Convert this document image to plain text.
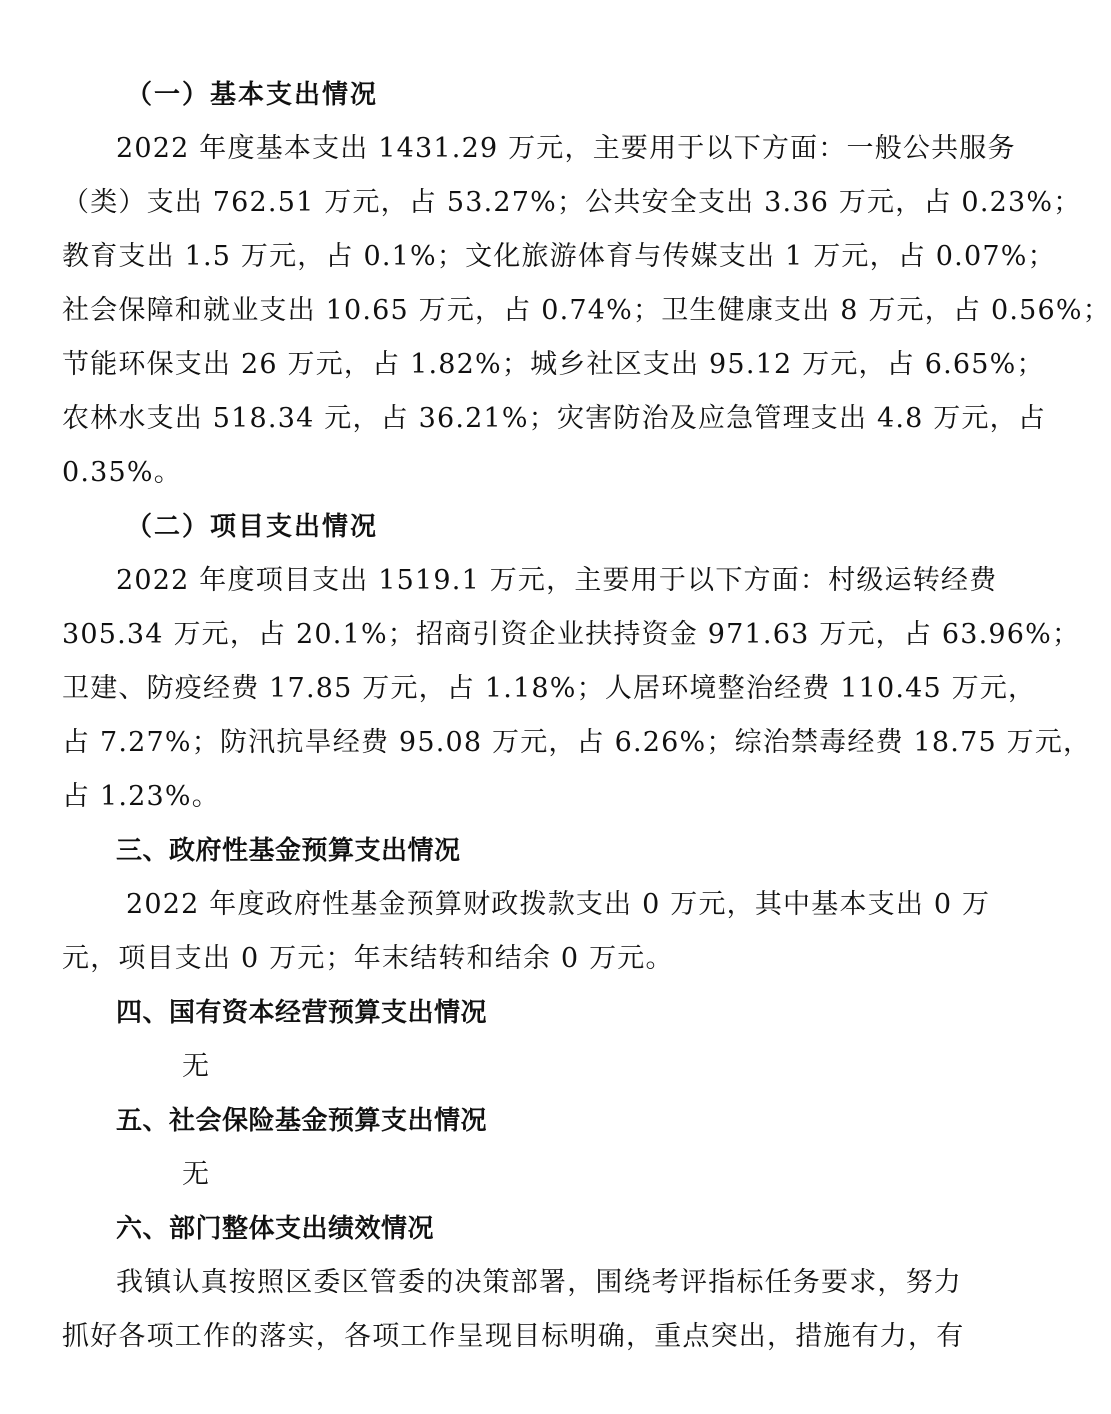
（一）基本支出情况
2022 年度基本支出 1431.29 万元，主要用于以下方面：一般公共服务
（类）支出 762.51 万元，占 53.27%；公共安全支出 3.36 万元，占 0.23%；
教育支出 1.5 万元，占 0.1%；文化旅游体育与传媒支出 1 万元，占 0.07%；
社会保障和就业支出 10.65 万元，占 0.74%；卫生健康支出 8 万元，占 0.56%；
节能环保支出 26 万元，占 1.82%；城乡社区支出 95.12 万元，占 6.65%；
农林水支出 518.34 元，占 36.21%；灾害防治及应急管理支出 4.8 万元，占
0.35%。
（二）项目支出情况
2022 年度项目支出 1519.1 万元，主要用于以下方面：村级运转经费
305.34 万元，占 20.1%；招商引资企业扶持资金 971.63 万元，占 63.96%；
卫建、防疫经费 17.85 万元，占 1.18%；人居环境整治经费 110.45 万元，
占 7.27%；防汛抗旱经费 95.08 万元，占 6.26%；综治禁毒经费 18.75 万元，
占 1.23%。
三、政府性基金预算支出情况
2022 年度政府性基金预算财政拨款支出 0 万元，其中基本支出 0 万
元，项目支出 0 万元；年末结转和结余 0 万元。
四、国有资本经营预算支出情况
无
五、社会保险基金预算支出情况
无
六、部门整体支出绩效情况
我镇认真按照区委区管委的决策部署，围绕考评指标任务要求，努力
抓好各项工作的落实，各项工作呈现目标明确，重点突出，措施有力，有
